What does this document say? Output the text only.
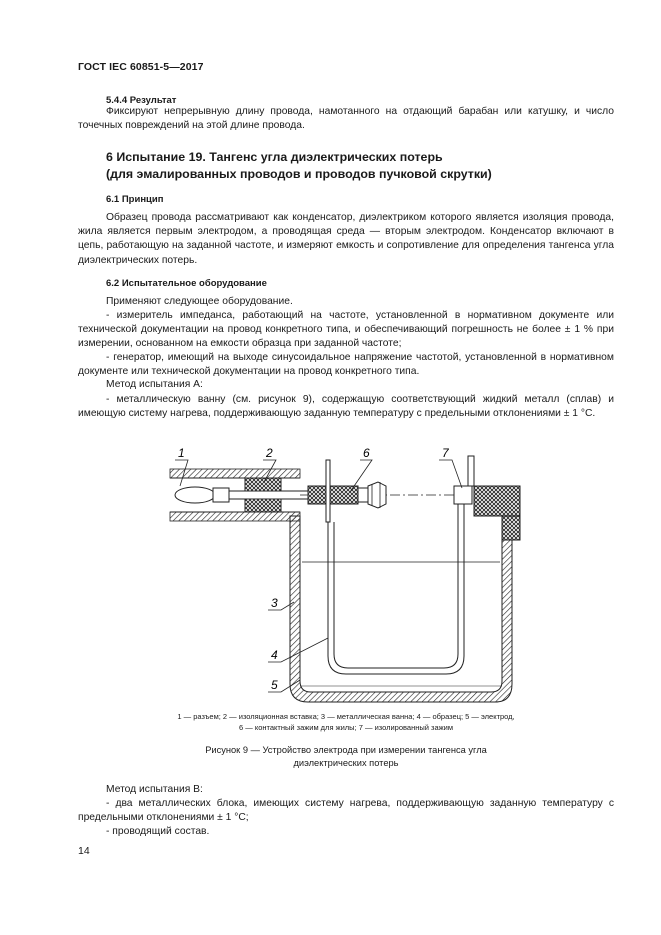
ГОСТ IEC 60851-5—2017
5.4.4 Результат
Фиксируют непрерывную длину провода, намотанного на отдающий барабан или катушку, и число точечных повреждений на этой длине провода.
6 Испытание 19. Тангенс угла диэлектрических потерь
(для эмалированных проводов и проводов пучковой скрутки)
6.1 Принцип
Образец провода рассматривают как конденсатор, диэлектриком которого является изоляция провода, жила является первым электродом, а проводящая среда — вторым электродом. Конденсатор включают в цепь, работающую на заданной частоте, и измеряют емкость и сопротивление для определения тангенса угла диэлектрических потерь.
6.2 Испытательное оборудование
Применяют следующее оборудование.
- измеритель импеданса, работающий на частоте, установленной в нормативном документе или технической документации на провод конкретного типа, и обеспечивающий погрешность не более ± 1 % при измерении, основанном на емкости образца при заданной частоте;
- генератор, имеющий на выходе синусоидальное напряжение частотой, установленной в нормативном документе или технической документации на провод конкретного типа.
Метод испытания А:
- металлическую ванну (см. рисунок 9), содержащую соответствующий жидкий металл (сплав) и имеющую систему нагрева, поддерживающую заданную температуру с предельными отклонениями ± 1 °С.
1	2
3
4
5
6	7
1 — разъем; 2 — изоляционная вставка; 3 — металлическая ванна; 4 — образец; 5 — электрод,
6 — контактный зажим для жилы; 7 — изолированный зажим
Рисунок 9 — Устройство электрода при измерении тангенса угла
диэлектрических потерь
Метод испытания В:
- два металлических блока, имеющих систему нагрева, поддерживающую заданную температуру с предельными отклонениями ± 1 °С;
- проводящий состав.
14
